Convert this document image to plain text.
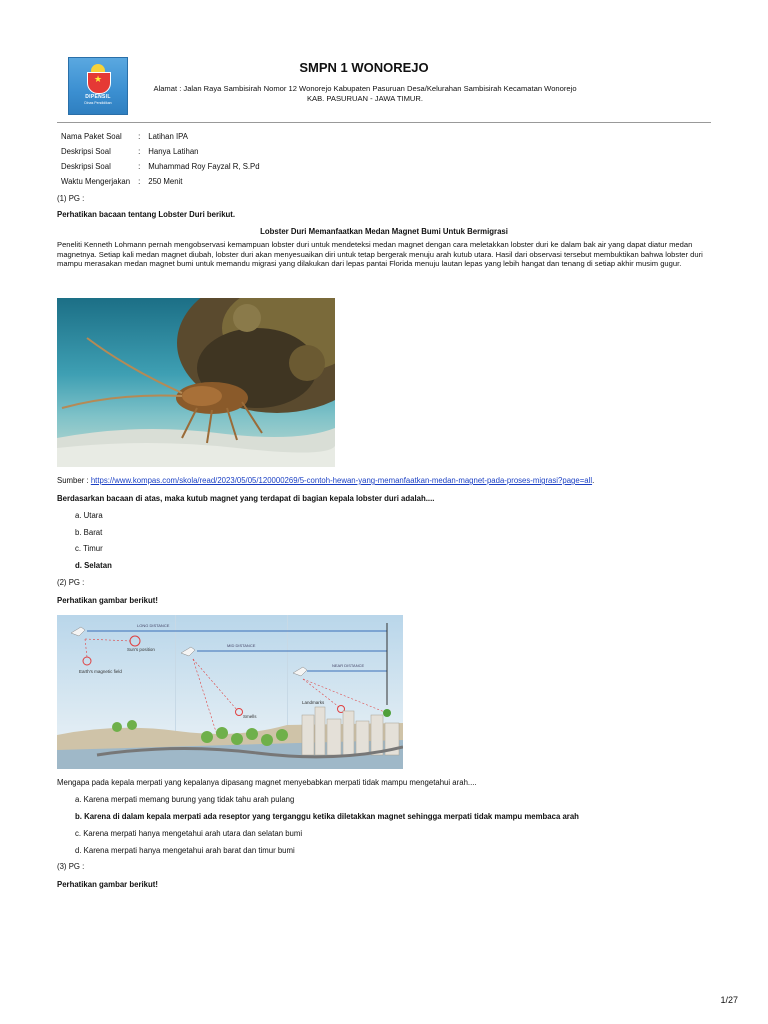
★
DIPENSIL
Dinas Pendidikan
SMPN 1 WONOREJO
Alamat : Jalan Raya Sambisirah Nomor 12 Wonorejo Kabupaten Pasuruan Desa/Kelurahan Sambisirah Kecamatan Wonorejo
KAB. PASURUAN - JAWA TIMUR.
Nama Paket Soal	:	Latihan IPA
Deskripsi Soal	:	Hanya Latihan
Deskripsi Soal	:	Muhammad Roy Fayzal R, S.Pd
Waktu Mengerjakan	:	250 Menit
(1) PG :
Perhatikan bacaan tentang Lobster Duri berikut.
Lobster Duri Memanfaatkan Medan Magnet Bumi Untuk Bermigrasi
Peneliti Kenneth Lohmann pernah mengobservasi kemampuan lobster duri untuk mendeteksi medan magnet dengan cara meletakkan lobster duri ke dalam bak air yang dapat diatur medan magnetnya. Setiap kali medan magnet diubah, lobster duri akan menyesuaikan diri untuk tetap bergerak menuju arah kutub utara. Hasil dari observasi tersebut membuktikan bahwa lobster duri mampu merasakan medan magnet bumi untuk memandu migrasi yang dilakukan dari lepas pantai Florida menuju lautan lepas yang lebih hangat dan tenang di setiap akhir musim gugur.
Sumber : https://www.kompas.com/skola/read/2023/05/05/120000269/5-contoh-hewan-yang-memanfaatkan-medan-magnet-pada-proses-migrasi?page=all.
Berdasarkan bacaan di atas, maka kutub magnet yang terdapat di bagian kepala lobster duri adalah....
a. Utara
b. Barat
c. Timur
d. Selatan
(2) PG :
Perhatikan gambar berikut!
LONG DISTANCE
MID DISTANCE
NEAR DISTANCE
Sun's position
Earth's magnetic field
Smells
Landmarks
Mengapa pada kepala merpati yang kepalanya dipasang magnet menyebabkan merpati tidak mampu mengetahui arah....
a. Karena merpati memang burung yang tidak tahu arah pulang
b. Karena di dalam kepala merpati ada reseptor yang terganggu ketika diletakkan magnet sehingga merpati tidak mampu membaca arah
c. Karena merpati hanya mengetahui arah utara dan selatan bumi
d. Karena merpati hanya mengetahui arah barat dan timur bumi
(3) PG :
Perhatikan gambar berikut!
1/27
